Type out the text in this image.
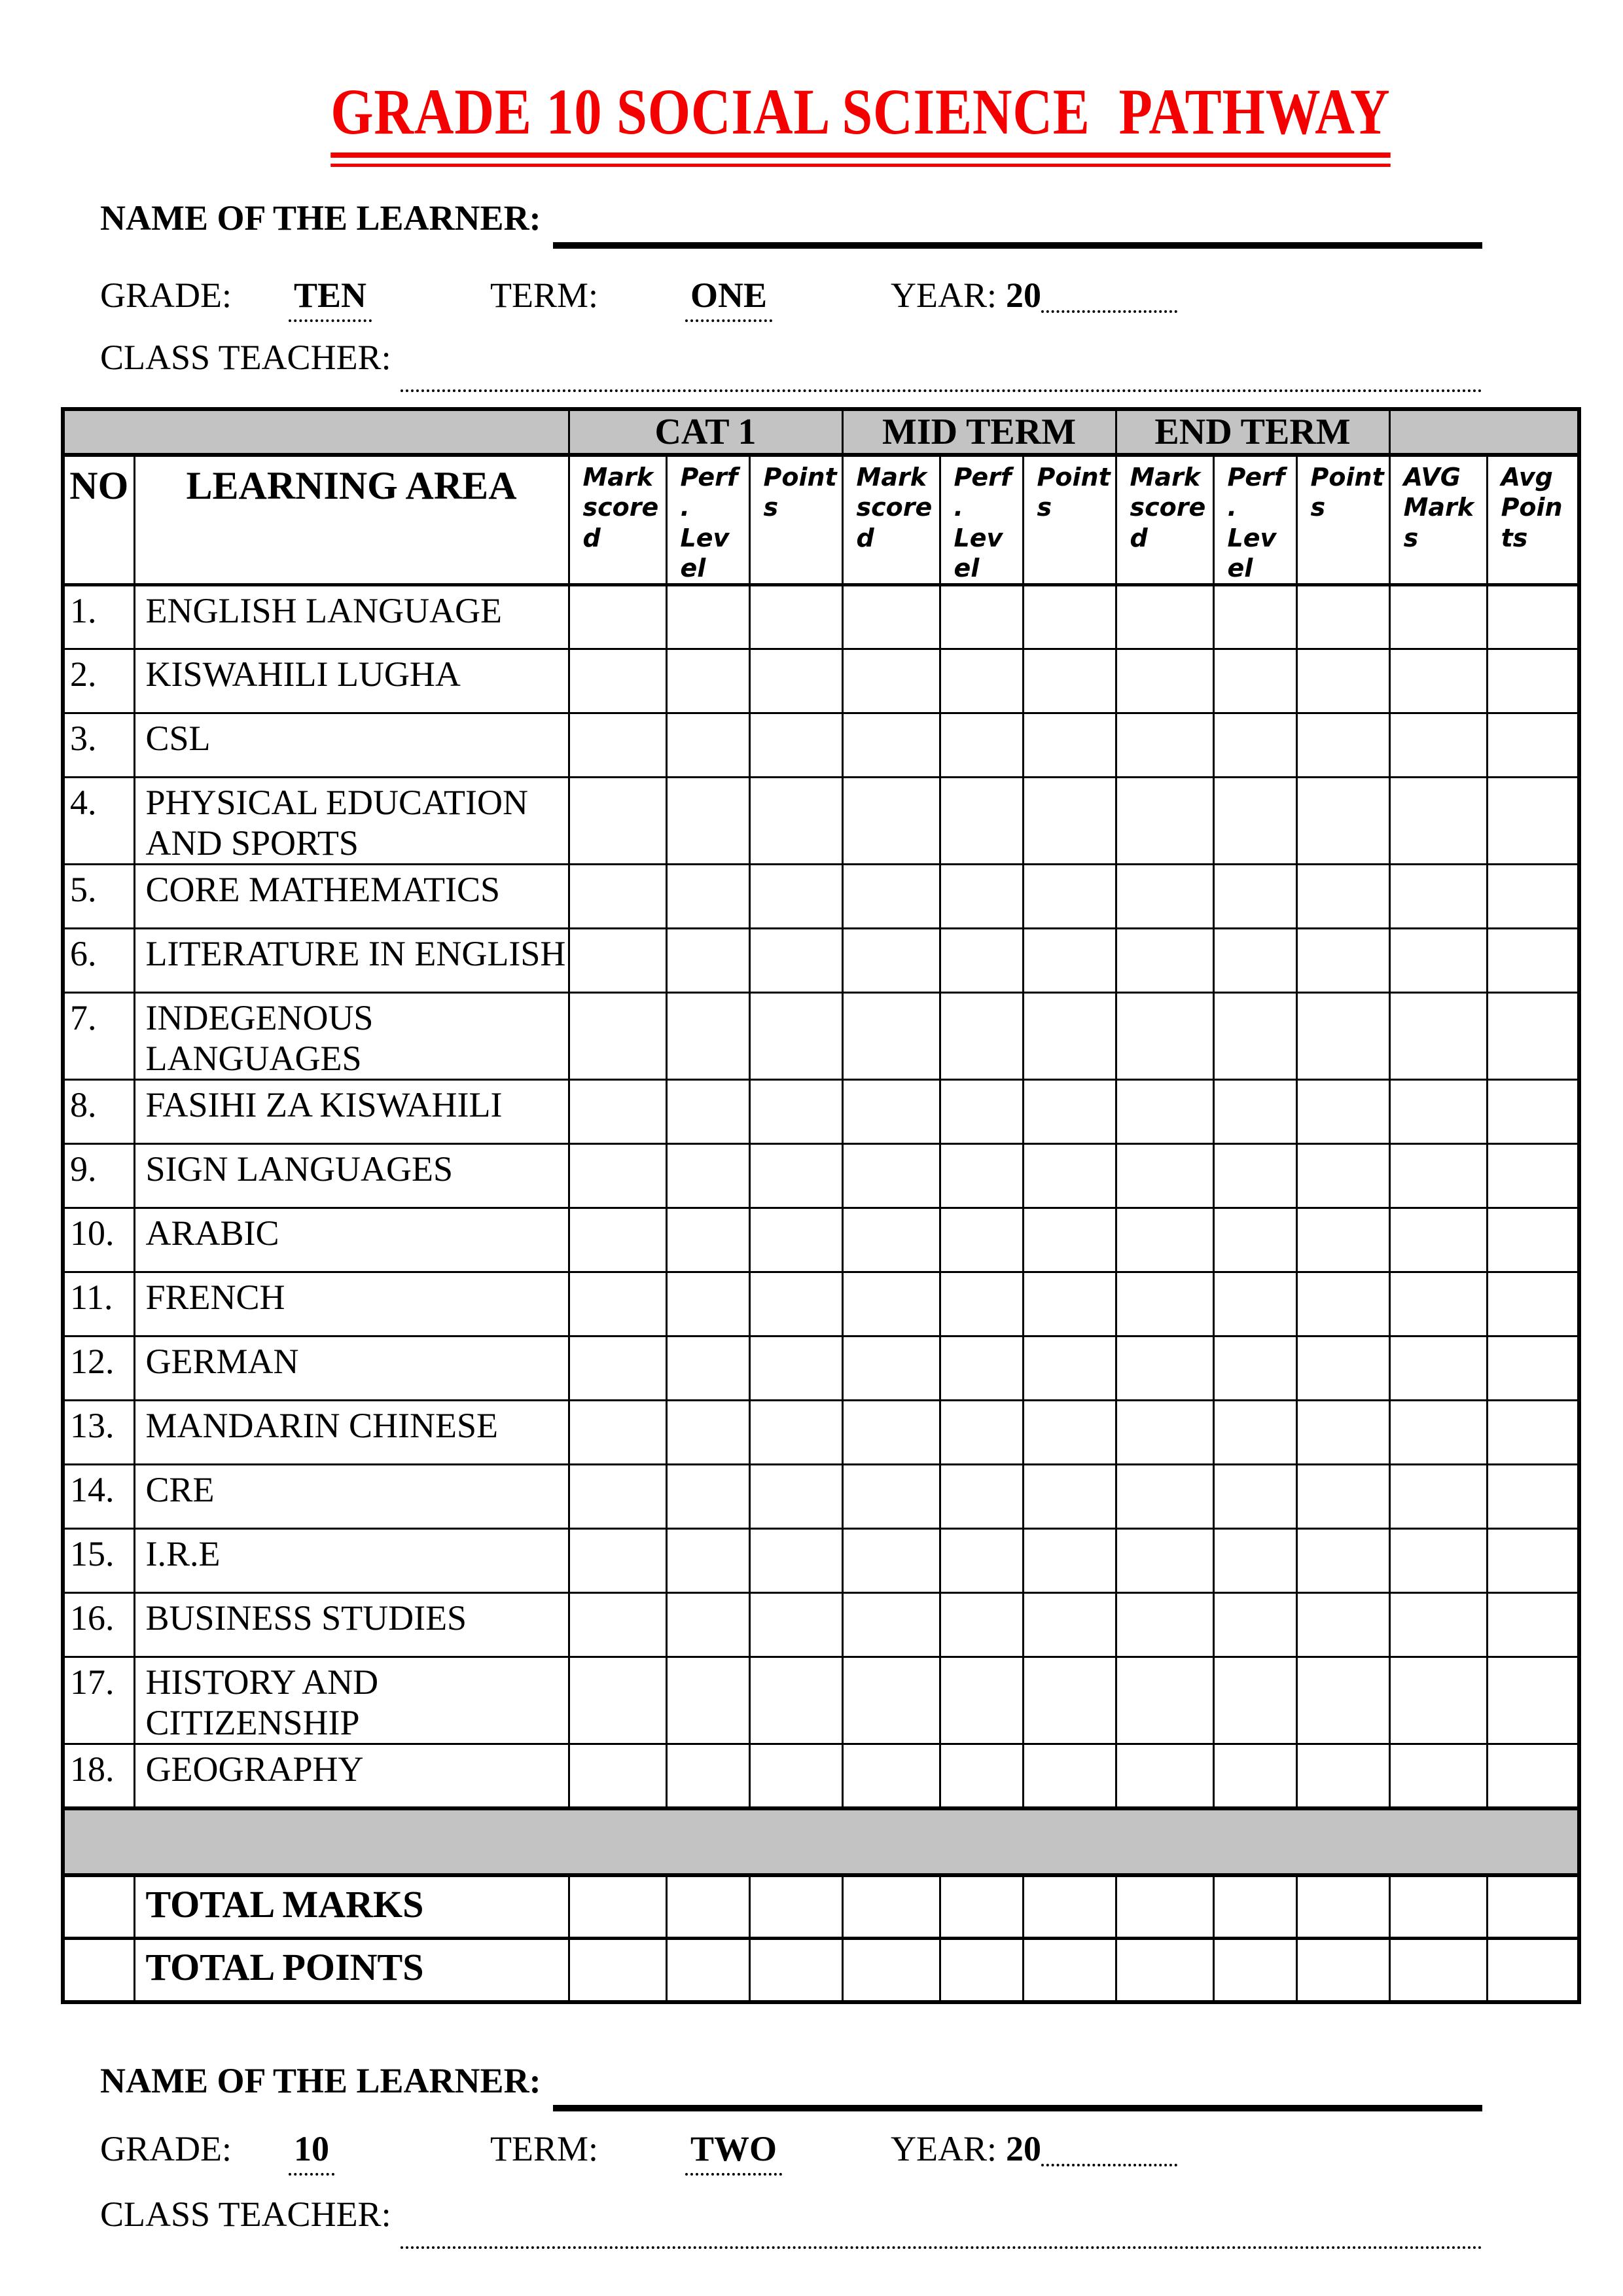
GRADE 10 SOCIAL SCIENCE  PATHWAY
NAME OF THE LEARNER:
GRADE: TEN	TERM:	ONE	YEAR: 20
CLASS TEACHER:
		CAT 1			MID TERM			END TERM				
NO	LEARNING AREA	Mark scored	Perf. Level	Points	Mark scored	Perf. Level	Points	Mark scored	Perf. Level	Points	AVG Marks	Avg Points
1.	ENGLISH LANGUAGE											
2.	KISWAHILI LUGHA											
3.	CSL											
4.	PHYSICAL EDUCATION AND SPORTS											
5.	CORE MATHEMATICS											
6.	LITERATURE IN ENGLISH											
7.	INDEGENOUS LANGUAGES											
8.	FASIHI ZA KISWAHILI											
9.	SIGN LANGUAGES											
10.	ARABIC											
11.	FRENCH											
12.	GERMAN											
13.	MANDARIN CHINESE											
14.	CRE											
15.	I.R.E											
16.	BUSINESS STUDIES											
17.	HISTORY AND CITIZENSHIP											
18.	GEOGRAPHY											

	TOTAL MARKS											
	TOTAL POINTS											
NAME OF THE LEARNER:
GRADE: 10	TERM:	TWO	YEAR: 20
CLASS TEACHER:
